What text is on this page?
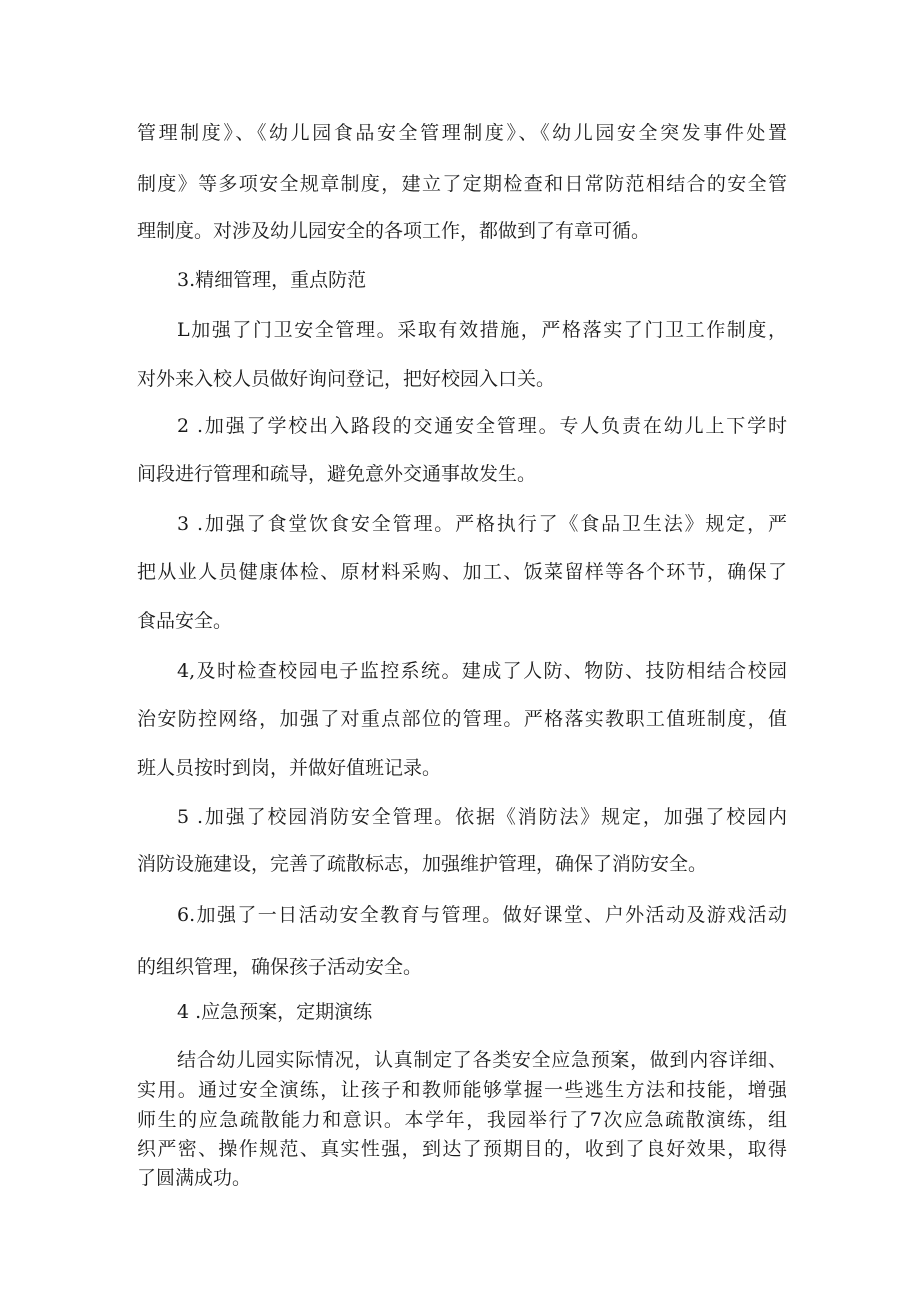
管理制度》、《幼儿园食品安全管理制度》、《幼儿园安全突发事件处置
制度》等多项安全规章制度，建立了定期检查和日常防范相结合的安全管
理制度。对涉及幼儿园安全的各项工作，都做到了有章可循。
3.精细管理，重点防范
L加强了门卫安全管理。采取有效措施，严格落实了门卫工作制度，
对外来入校人员做好询问登记，把好校园入口关。
2 .加强了学校出入路段的交通安全管理。专人负责在幼儿上下学时
间段进行管理和疏导，避免意外交通事故发生。
3 .加强了食堂饮食安全管理。严格执行了《食品卫生法》规定，严
把从业人员健康体检、原材料采购、加工、饭菜留样等各个环节，确保了
食品安全。
4,及时检查校园电子监控系统。建成了人防、物防、技防相结合校园
治安防控网络，加强了对重点部位的管理。严格落实教职工值班制度，值
班人员按时到岗，并做好值班记录。
5 .加强了校园消防安全管理。依据《消防法》规定，加强了校园内
消防设施建设，完善了疏散标志，加强维护管理，确保了消防安全。
6.加强了一日活动安全教育与管理。做好课堂、户外活动及游戏活动
的组织管理，确保孩子活动安全。
4 .应急预案，定期演练
结合幼儿园实际情况，认真制定了各类安全应急预案，做到内容详细、
实用。通过安全演练，让孩子和教师能够掌握一些逃生方法和技能，增强
师生的应急疏散能力和意识。本学年，我园举行了7次应急疏散演练，组
织严密、操作规范、真实性强，到达了预期目的，收到了良好效果，取得
了圆满成功。
